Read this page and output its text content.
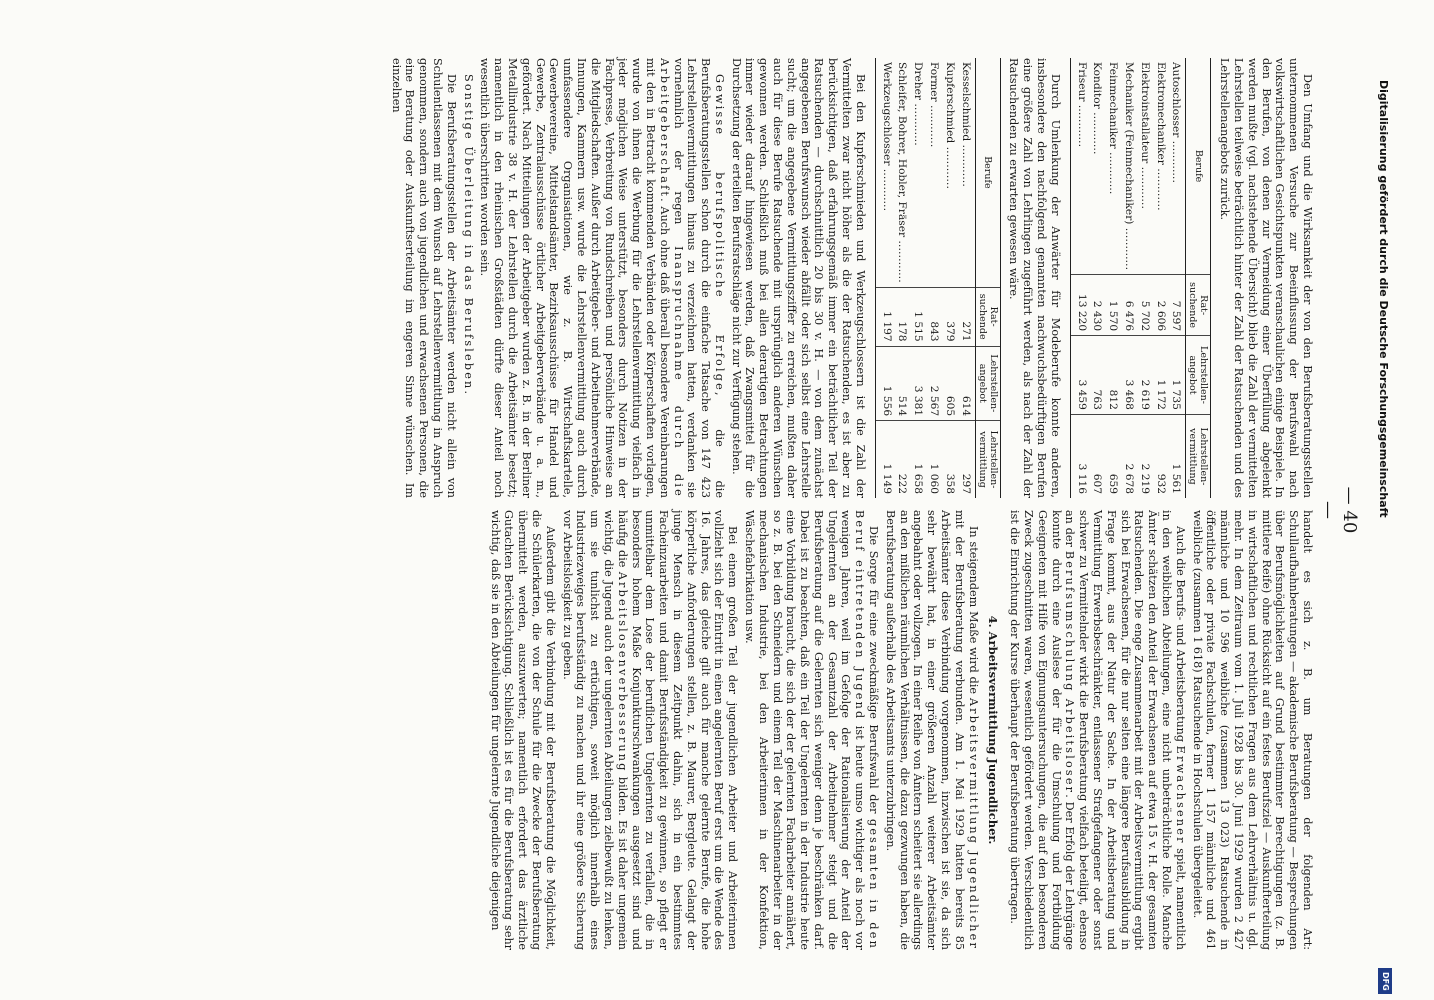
— 40 —

Den Umfang und die Wirksamkeit der von den Berufsberatungsstellen unternommenen Versuche zur Beeinflussung der Berufswahl nach volkswirtschaftlichen Gesichtspunkten veranschaulichen einige Beispiele. In den Berufen, von denen zur Vermeidung einer Überfüllung abgelenkt werden mußte (vgl. nachstehende Übersicht) blieb die Zahl der vermittelten Lehrstellen teilweise beträchtlich hinter der Zahl der Ratsuchenden und des Lehrstellenangebots zurück.

Berufe	Rat-suchende	Lehrstellen-angebot	Lehrstellen-vermittlung
Autoschlosser …………	7 597	1 735	1 561
Elektromechaniker …………	2 606	1 172	932
Elektroinstallateur …………	5 702	2 619	2 219
Mechaniker (Feinmechaniker) …………	6 476	3 468	2 678
Feinmechaniker …………	1 570	812	659
Konditor …………	2 430	763	607
Friseur …………	13 220	3 459	3 116

Durch Umlenkung der Anwärter für Modeberufe konnte anderen, insbesondere den nachfolgend genannten nachwuchsbedürftigen Berufen eine größere Zahl von Lehrlingen zugeführt werden, als nach der Zahl der Ratsuchenden zu erwarten gewesen wäre.

Berufe	Rat-suchende	Lehrstellen-angebot	Lehrstellen-vermittlung
Kesselschmied …………	271	614	297
Kupferschmied …………	379	605	358
Former …………	843	2 567	1 060
Dreher …………	1 515	3 381	1 658
Schleifer, Bohrer, Hobler, Fräser …………	178	514	222
Werkzeugschlosser …………	1 197	1 556	1 149

Bei den Kupferschmieden und Werkzeugschlossern ist die Zahl der Vermittelten zwar nicht höher als die der Ratsuchenden, es ist aber zu berücksichtigen, daß erfahrungsgemäß immer ein beträchtlicher Teil der Ratsuchenden — durchschnittlich 20 bis 30 v. H. — von dem zunächst angegebenen Berufswunsch wieder abfällt oder sich selbst eine Lehrstelle sucht; um die angegebene Vermittlungsziffer zu erreichen, mußten daher auch für diese Berufe Ratsuchende mit ursprünglich anderen Wünschen gewonnen werden. Schließlich muß bei allen derartigen Betrachtungen immer wieder darauf hingewiesen werden, daß Zwangsmittel für die Durchsetzung der erteilten Berufsratschläge nicht zur Verfügung stehen.

Gewisse berufspolitische Erfolge, die die Berufsberatungsstellen schon durch die einfache Tatsache von 147 423 Lehrstellenvermittlungen hinaus zu verzeichnen hatten, verdanken sie vornehmlich der regen Inanspruchnahme durch die Arbeitgeberschaft. Auch ohne daß überall besondere Vereinbarungen mit den in Betracht kommenden Verbänden oder Körperschaften vorlagen, wurde von ihnen die Werbung für die Lehrstellenvermittlung vielfach in jeder möglichen Weise unterstützt, besonders durch Notizen in der Fachpresse, Verbreitung von Rundschreiben und persönliche Hinweise an die Mitgliedschaften. Außer durch Arbeitgeber- und Arbeitnehmerverbände, Innungen, Kammern usw. wurde die Lehrstellenvermittlung auch durch umfassendere Organisationen, wie z. B. Wirtschaftskartelle, Gewerbevereine, Mittelstandsämter, Bezirksausschüsse für Handel und Gewerbe, Zentralausschüsse örtlicher Arbeitgeberverbände u. a. m., gefördert. Nach Mitteilungen der Arbeitgeber wurden z. B. in der Berliner Metallindustrie 38 v. H. der Lehrstellen durch die Arbeitsämter besetzt; namentlich in den rheinischen Großstädten dürfte dieser Anteil noch wesentlich überschritten worden sein.

Sonstige Überleitung in das Berufsleben.

Die Berufsberatungsstellen der Arbeitsämter werden nicht allein von Schulentlassenen mit dem Wunsch auf Lehrstellenvermittlung in Anspruch genommen, sondern auch von jugendlichen und erwachsenen Personen, die eine Beratung oder Auskunftserteilung im engeren Sinne wünschen. Im einzelnen

handelt es sich z. B. um Beratungen der folgenden Art: Schullaufbahnberatungen — akademische Berufsberatung — Besprechungen über Berufsmöglichkeiten auf Grund bestimmter Berechtigungen (z. B. mittlere Reife) ohne Rücksicht auf ein festes Berufsziel — Auskunfterteilung in wirtschaftlichen und rechtlichen Fragen aus dem Lehrverhältnis u. dgl. mehr. In dem Zeitraum vom 1. Juli 1928 bis 30. Juni 1929 wurden 2 427 männliche und 10 596 weibliche (zusammen 13 023) Ratsuchende in öffentliche oder private Fachschulen, ferner 1 157 männliche und 461 weibliche (zusammen 1 618) Ratsuchende in Hochschulen übergeleitet.

Auch die Berufs- und Arbeitsberatung Erwachsener spielt, namentlich in den weiblichen Abteilungen, eine nicht unbeträchtliche Rolle. Manche Ämter schätzen den Anteil der Erwachsenen auf etwa 15 v. H. der gesamten Ratsuchenden. Die enge Zusammenarbeit mit der Arbeitsvermittlung ergibt sich bei Erwachsenen, für die nur selten eine längere Berufsausbildung in Frage kommt, aus der Natur der Sache. In der Arbeitsberatung und Vermittlung Erwerbsbeschränkter, entlassener Strafgefangener oder sonst schwer zu Vermittelnder wirkt die Berufsberatung vielfach beteiligt, ebenso an der Berufsumschulung Arbeitsloser. Der Erfolg der Lehrgänge konnte durch eine Auslese der für die Umschulung und Fortbildung Geeigneten mit Hilfe von Eignungsuntersuchungen, die auf den besonderen Zweck zugeschnitten waren, wesentlich gefördert werden. Verschiedentlich ist die Einrichtung der Kurse überhaupt der Berufsberatung übertragen.

4. Arbeitsvermittlung Jugendlicher.

In steigendem Maße wird die Arbeitsvermittlung Jugendlicher mit der Berufsberatung verbunden. Am 1. Mai 1929 hatten bereits 85 Arbeitsämter diese Verbindung vorgenommen, inzwischen ist sie, da sich sehr bewährt hat, in einer größeren Anzahl weiterer Arbeitsämter angebahnt oder vollzogen. In einer Reihe von Ämtern scheitert sie allerdings an den mißlichen räumlichen Verhältnissen, die dazu gezwungen haben, die Berufsberatung außerhalb des Arbeitsamts unterzubringen.

Die Sorge für eine zweckmäßige Berufswahl der gesamten in den Beruf eintretenden Jugend ist heute umso wichtiger als noch vor wenigen Jahren, weil im Gefolge der Rationalisierung der Anteil der Ungelernten an der Gesamtzahl der Arbeitnehmer steigt und die Berufsberatung auf die Gelernten sich weniger denn je beschränken darf. Dabei ist zu beachten, daß ein Teil der Ungelernten in der Industrie heute eine Vorbildung braucht, die sich der der gelernten Facharbeiter annähert, so z. B. bei den Schneidern und einem Teil der Maschinenarbeiter in der mechanischen Industrie, bei den Arbeiterinnen in der Konfektion, Wäschefabrikation usw.

Bei einem großen Teil der jugendlichen Arbeiter und Arbeiterinnen vollzieht sich der Eintritt in einen angelernten Beruf erst um die Wende des 16. Jahres, das gleiche gilt auch für manche gelernte Berufe, die hohe körperliche Anforderungen stellen, z. B. Maurer, Bergleute. Gelangt der junge Mensch in diesem Zeitpunkt dahin, sich in ein bestimmtes Facheinzuarbeiten und damit Berufsständigkeit zu gewinnen, so pflegt er unmittelbar dem Lose der beruflichen Ungelernten zu verfallen, die in besonders hohem Maße Konjunkturschwankungen ausgesetzt sind und häufig die Arbeitslosenverbesserung bilden. Es ist daher ungemein wichtig, die Jugend auch der ungelernten Abteilungen zielbewußt zu lenken, um sie tunlichst zu ertüchtigen, soweit möglich innerhalb eines Industriezweiges berufsständig zu machen und ihr eine größere Sicherung vor Arbeitslosigkeit zu geben.

Außerdem gibt die Verbindung mit der Berufsberatung die Möglichkeit, die Schülerkarten, die von der Schule für die Zwecke der Berufsberatung übermittelt werden, auszuwerten; namentlich erfordert das ärztliche Gutachten Berücksichtigung. Schließlich ist es für die Berufsberatung sehr wichtig, daß sie in den Abteilungen für ungelernte Jugendliche diejenigen

Digitalisierung gefördert durch die Deutsche Forschungsgemeinschaft
DFG
